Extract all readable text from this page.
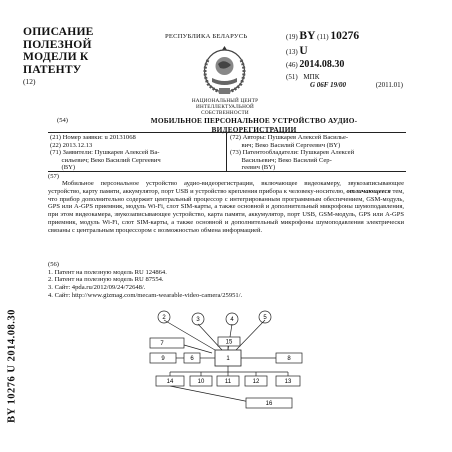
ОПИСАНИЕ
ПОЛЕЗНОЙ
МОДЕЛИ К
ПАТЕНТУ
(12)
РЕСПУБЛИКА БЕЛАРУСЬ
НАЦИОНАЛЬНЫЙ ЦЕНТР
ИНТЕЛЛЕКТУАЛЬНОЙ
СОБСТВЕННОСТИ
(19) BY (11) 10276
(13) U
(46) 2014.08.30
(51) МПК
G 06F 19/00	(2011.01)
(54)	МОБИЛЬНОЕ ПЕРСОНАЛЬНОЕ УСТРОЙСТВО АУДИО-
ВИДЕОРЕГИСТРАЦИИ
(21) Номер заявки: u 20131068
(22) 2013.12.13
(71) Заявители: Пушкарев Алексей Ва-
сильевич; Веко Василий Сергеевич
(BY)
(72) Авторы: Пушкарев Алексей Василье-
вич; Веко Василий Сергеевич (BY)
(73) Патентообладатели: Пушкарев Алексей
Васильевич; Веко Василий Сер-
геевич (BY)
(57)
Мобильное персональное устройство аудио-видеорегистрации, включающее видеокамеру, звукозаписывающее устройство, карту памяти, аккумулятор, порт USB и устройство крепления прибора к человеку-носителю, отличающееся тем, что прибор дополнительно содержит центральный процессор с интегрированным программным обеспечением, GSM-модуль, GPS или A-GPS приемник, модуль Wi-Fi, слот SIM-карты, а также основной и дополнительный микрофоны шумоподавления, при этом видеокамера, звукозаписывающее устройство, карта памяти, аккумулятор, порт USB, GSM-модуль, GPS или A-GPS приемник, модуль Wi-Fi, слот SIM-карты, а также основной и дополнительный микрофоны шумоподавления электрически связаны с центральным процессором с возможностью обмена информацией.
(56)
1. Патент на полезную модель RU 124864.
2. Патент на полезную модель RU 87554.
3. Сайт: 4pda.ru/2012/09/24/72648/.
4. Сайт: http://www.gizmag.com/mecam-wearable-video-camera/25951/.
BY 10276 U 2014.08.30	2	3	4	5
7	15
9	6	1	8
14	10	11	12	13
16
